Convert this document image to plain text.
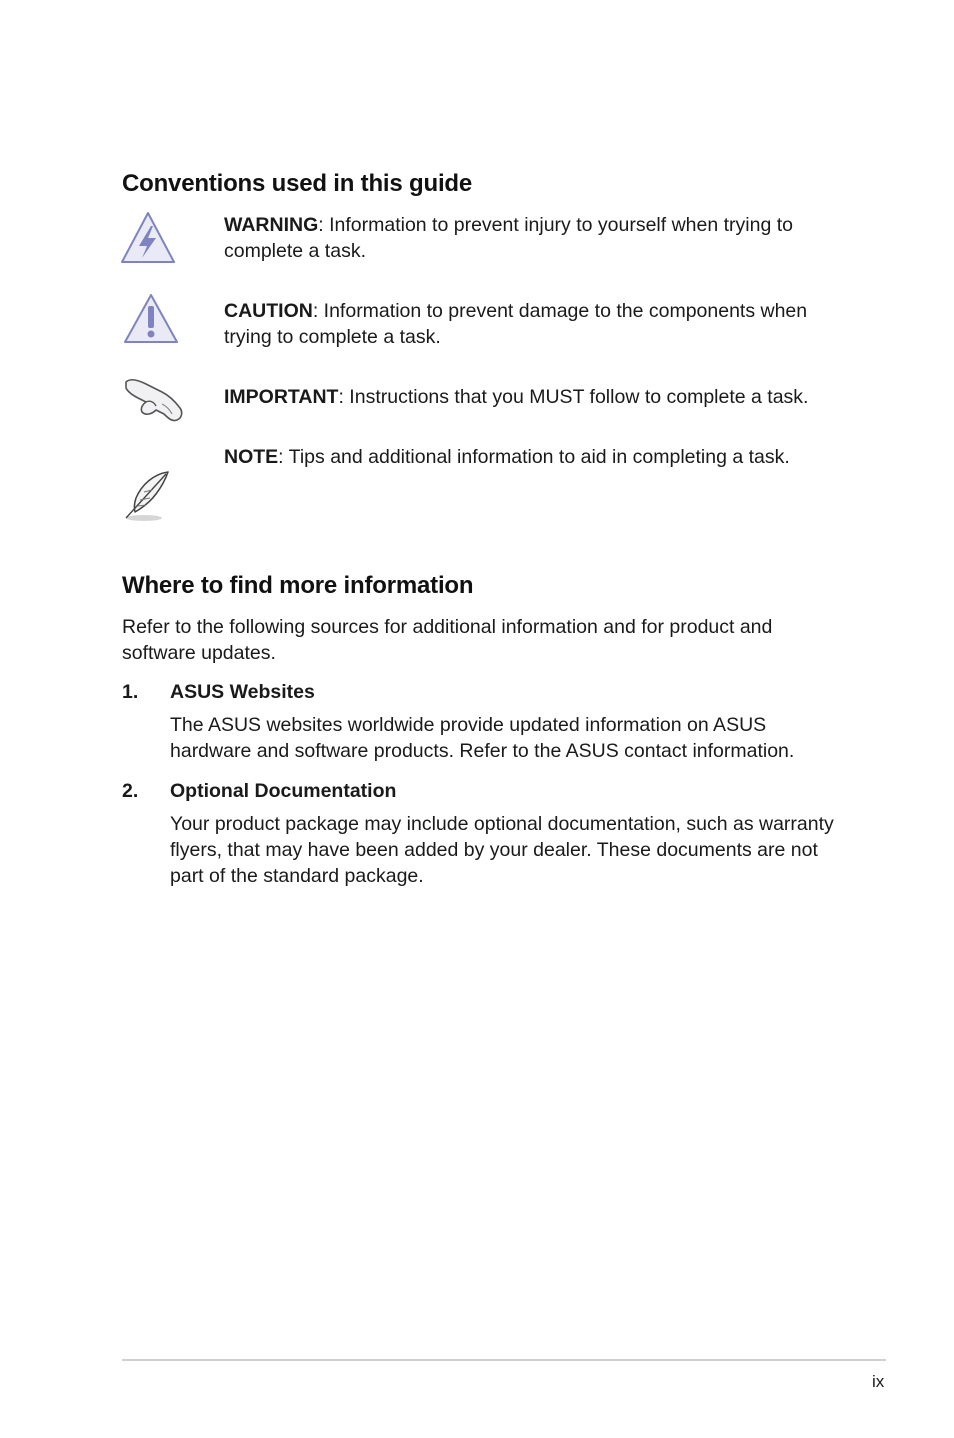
Conventions used in this guide
WARNING: Information to prevent injury to yourself when trying to complete a task.
CAUTION: Information to prevent damage to the components when trying to complete a task.
IMPORTANT: Instructions that you MUST follow to complete a task.
NOTE: Tips and additional information to aid in completing a task.
Where to find more information
Refer to the following sources for additional information and for product and software updates.
1. ASUS Websites
The ASUS websites worldwide provide updated information on ASUS hardware and software products. Refer to the ASUS contact information.
2. Optional Documentation
Your product package may include optional documentation, such as warranty flyers, that may have been added by your dealer. These documents are not part of the standard package.
ix
